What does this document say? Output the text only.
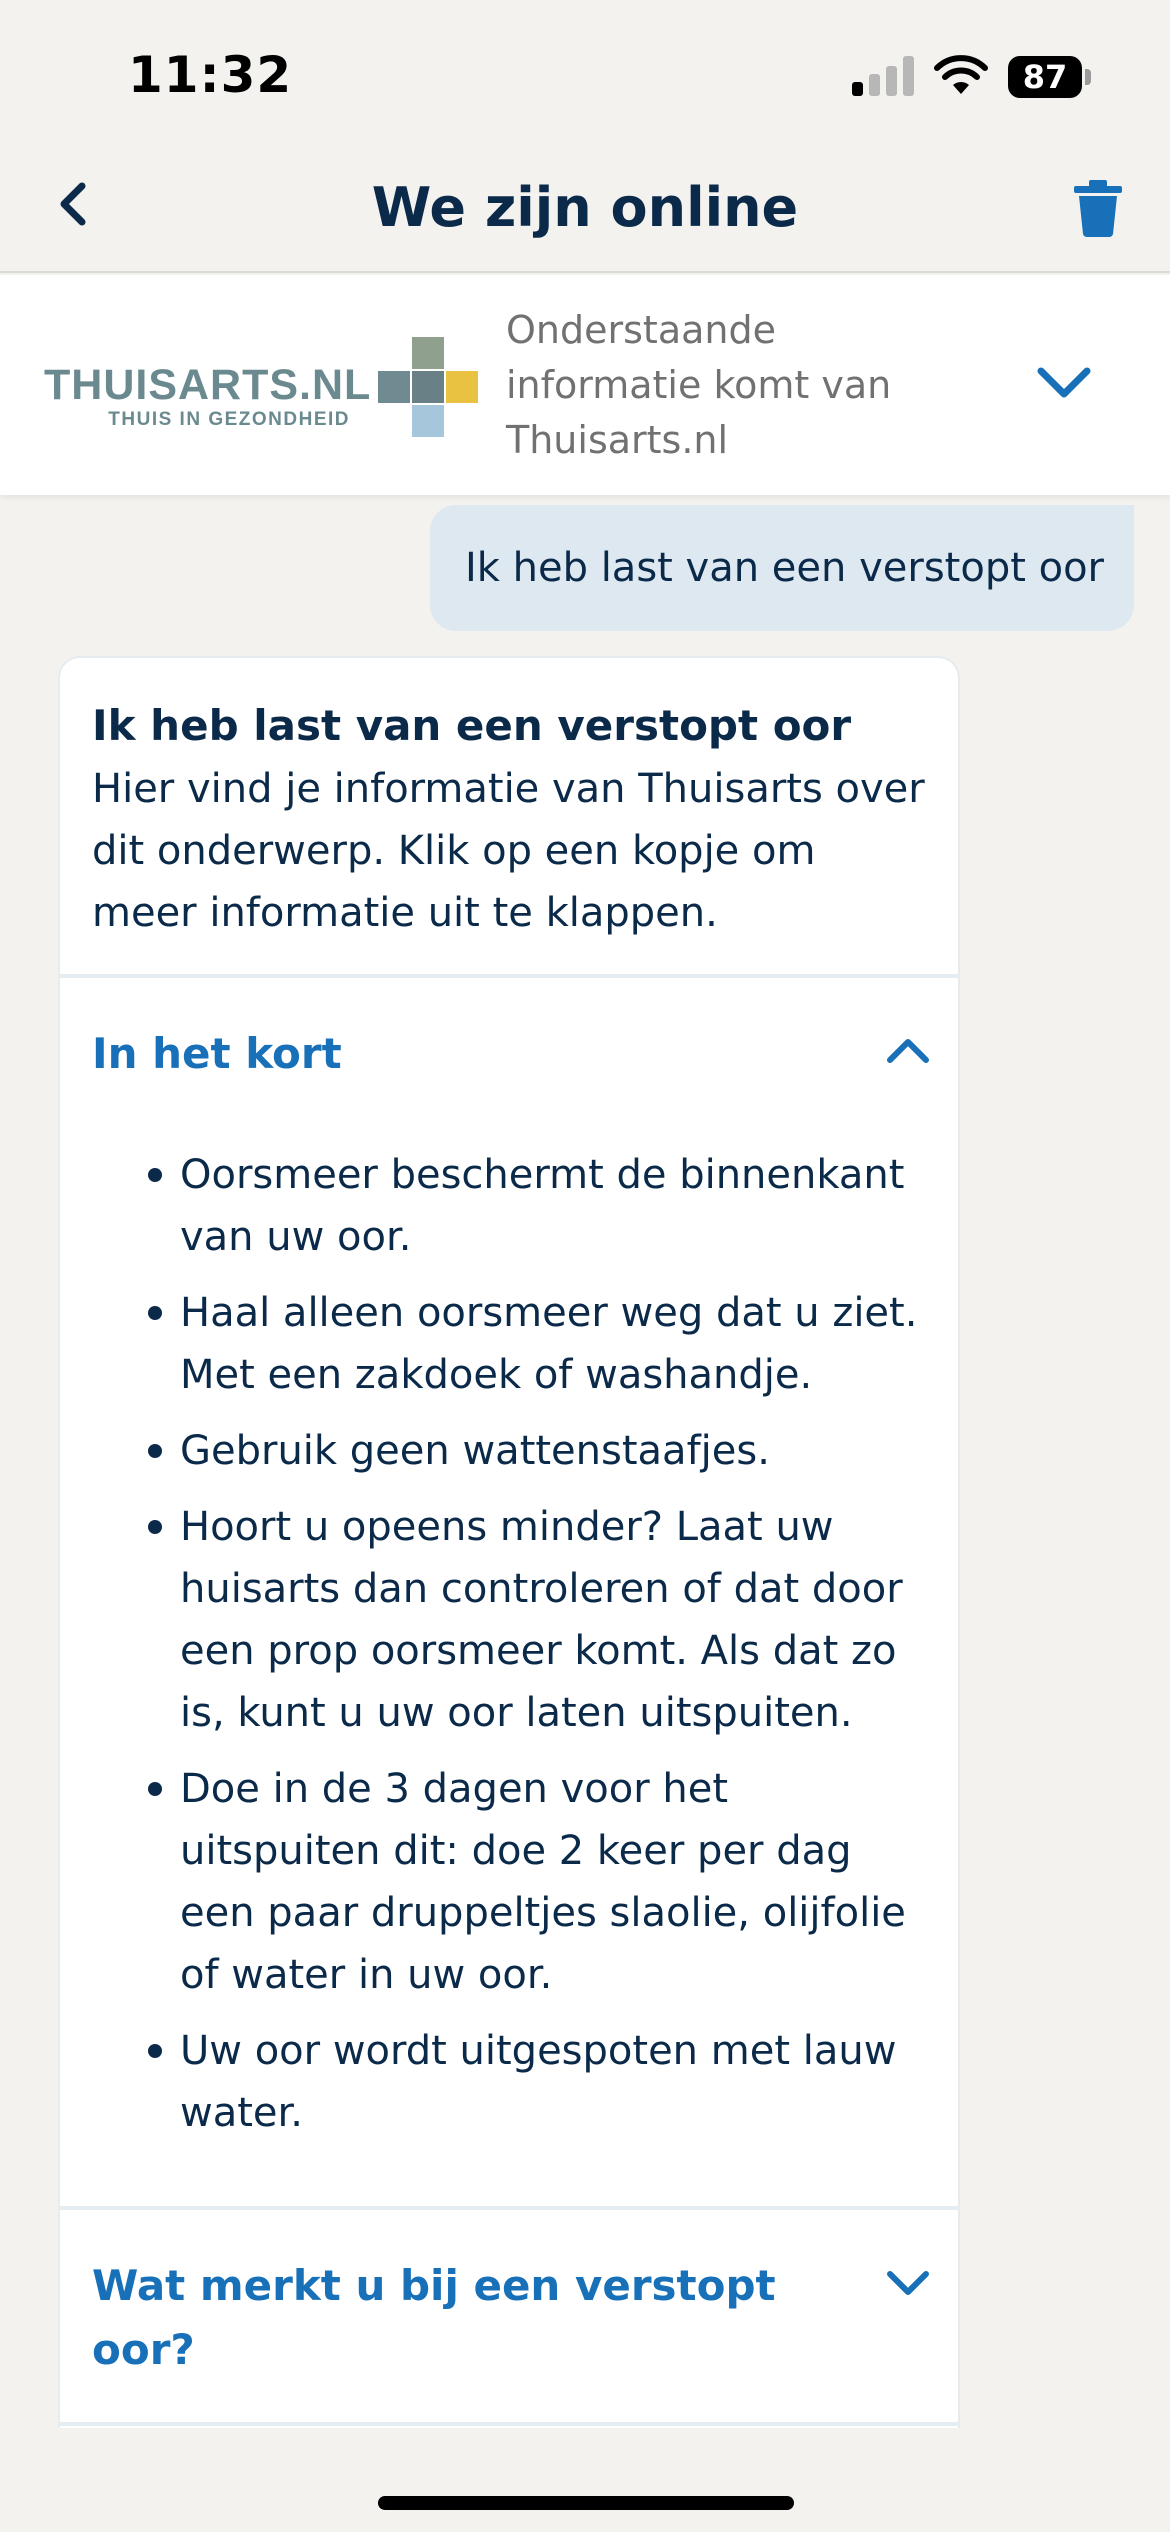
11:32	87
We zijn online
THUISARTS.NL
THUIS IN GEZONDHEID
Onderstaande informatie komt van Thuisarts.nl
Ik heb last van een verstopt oor
Ik heb last van een verstopt oor
Hier vind je informatie van Thuisarts over dit onderwerp. Klik op een kopje om meer informatie uit te klappen.
In het kort
Oorsmeer beschermt de binnenkant van uw oor.
Haal alleen oorsmeer weg dat u ziet. Met een zakdoek of washandje.
Gebruik geen wattenstaafjes.
Hoort u opeens minder? Laat uw huisarts dan controleren of dat door een prop oorsmeer komt. Als dat zo is, kunt u uw oor laten uitspuiten.
Doe in de 3 dagen voor het uitspuiten dit: doe 2 keer per dag een paar druppeltjes slaolie, olijfolie of water in uw oor.
Uw oor wordt uitgespoten met lauw water.
Wat merkt u bij een verstopt oor?
